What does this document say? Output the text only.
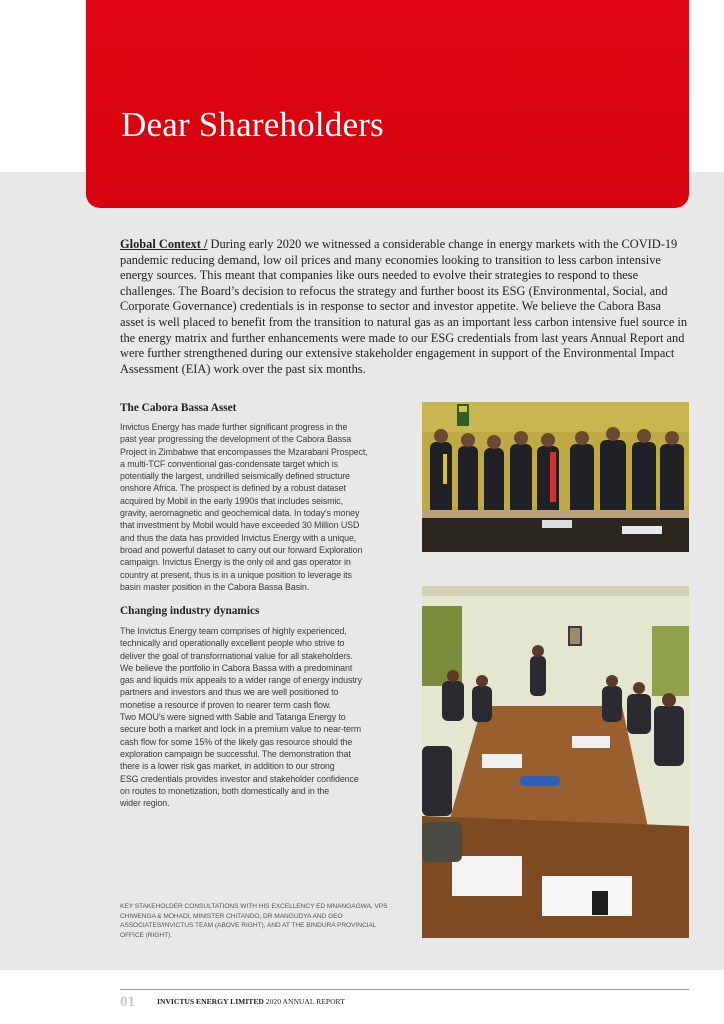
Dear Shareholders

Global Context / During early 2020 we witnessed a considerable change in energy markets with the COVID-19 pandemic reducing demand, low oil prices and many economies looking to transition to less carbon intensive energy sources. This meant that companies like ours needed to evolve their strategies to respond to these challenges. The Board’s decision to refocus the strategy and further boost its ESG (Environmental, Social, and Corporate Governance) credentials is in response to sector and investor appetite. We believe the Cabora Basa asset is well placed to benefit from the transition to natural gas as an important less carbon intensive fuel source in the energy matrix and further enhancements were made to our ESG credentials from last years Annual Report and were further strengthened during our extensive stakeholder engagement in support of the Environmental Impact Assessment (EIA) work over the past six months.

The Cabora Bassa Asset

Invictus Energy has made further significant progress in the
past year progressing the development of the Cabora Bassa
Project in Zimbabwe that encompasses the Mzarabani Prospect,
a multi-TCF conventional gas-condensate target which is
potentially the largest, undrilled seismically defined structure
onshore Africa. The prospect is defined by a robust dataset
acquired by Mobil in the early 1990s that includes seismic,
gravity, aeromagnetic and geochemical data. In today’s money
that investment by Mobil would have exceeded 30 Million USD
and thus the data has provided Invictus Energy with a unique,
broad and powerful dataset to carry out our forward Exploration
campaign. Invictus Energy is the only oil and gas operator in
country at present, thus is in a unique position to leverage its
basin master position in the Cabora Bassa Basin.

Changing industry dynamics

The Invictus Energy team comprises of highly experienced,
technically and operationally excellent people who strive to
deliver the goal of transformational value for all stakeholders.
We believe the portfolio in Cabora Bassa with a predominant
gas and liquids mix appeals to a wider range of energy industry
partners and investors and thus we are well positioned to
monetise a resource if proven to nearer term cash flow.
Two MOU’s were signed with Sable and Tatanga Energy to
secure both a market and lock in a premium value to near-term
cash flow for some 15% of the likely gas resource should the
exploration campaign be successful. The demonstration that
there is a lower risk gas market, in addition to our strong
ESG credentials provides investor and stakeholder confidence
on routes to monetization, both domestically and in the
wider region.

KEY STAKEHOLDER CONSULTATIONS WITH HIS EXCELLENCY ED MNANGAGWA, VPS CHIWENGA & MOHADI, MINISTER CHITANDO, DR MANGUDYA AND GEO ASSOCIATES/INVICTUS TEAM (ABOVE RIGHT), AND AT THE BINDURA PROVINCIAL OFFICE (RIGHT).

01	INVICTUS ENERGY LIMITED 2020 ANNUAL REPORT
